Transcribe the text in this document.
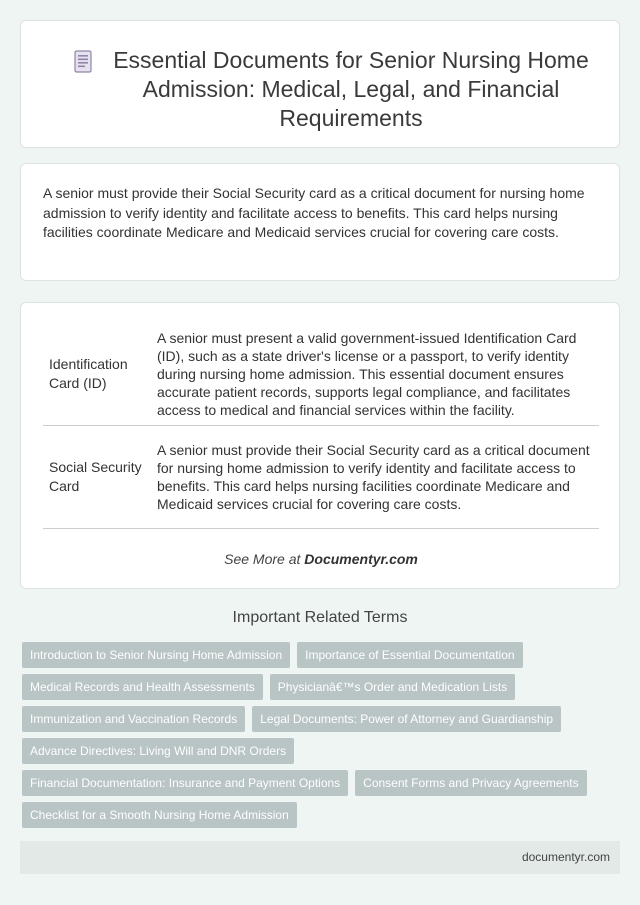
Essential Documents for Senior Nursing Home Admission: Medical, Legal, and Financial Requirements

A senior must provide their Social Security card as a critical document for nursing home admission to verify identity and facilitate access to benefits. This card helps nursing facilities coordinate Medicare and Medicaid services crucial for covering care costs.

Identification Card (ID)
A senior must present a valid government-issued Identification Card (ID), such as a state driver's license or a passport, to verify identity during nursing home admission. This essential document ensures accurate patient records, supports legal compliance, and facilitates access to medical and financial services within the facility.
Social Security Card
A senior must provide their Social Security card as a critical document for nursing home admission to verify identity and facilitate access to benefits. This card helps nursing facilities coordinate Medicare and Medicaid services crucial for covering care costs.
See More at Documentyr.com
Important Related Terms
Introduction to Senior Nursing Home Admission	Importance of Essential Documentation
Medical Records and Health Assessments	Physicianâ€™s Order and Medication Lists
Immunization and Vaccination Records	Legal Documents: Power of Attorney and Guardianship
Advance Directives: Living Will and DNR Orders
Financial Documentation: Insurance and Payment Options	Consent Forms and Privacy Agreements
Checklist for a Smooth Nursing Home Admission
documentyr.com
